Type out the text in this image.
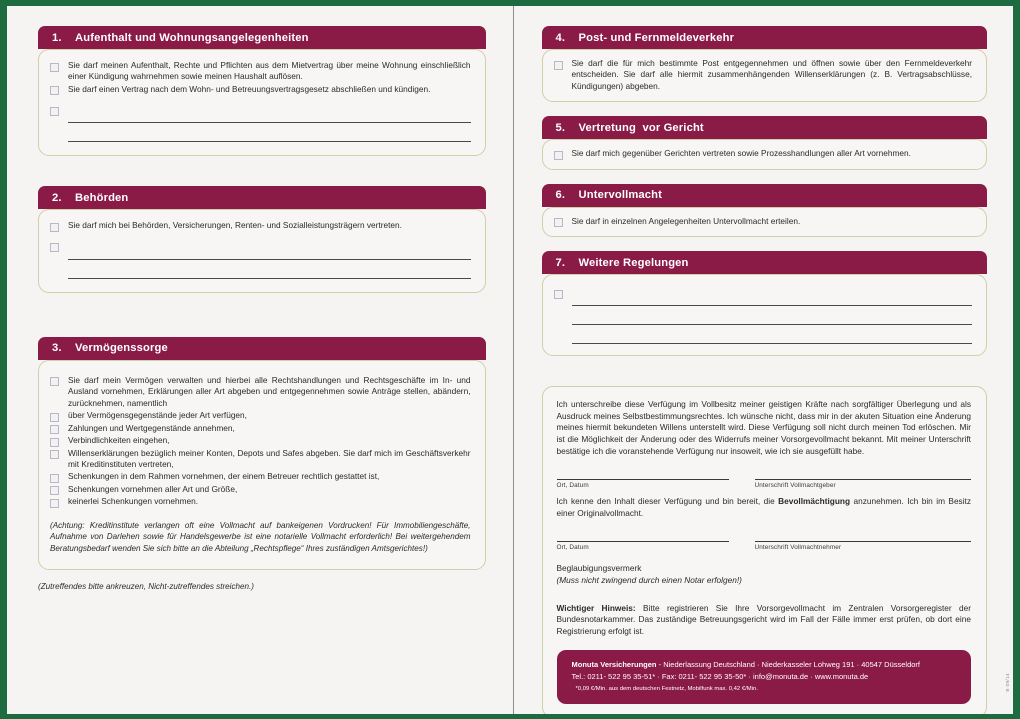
1.	Aufenthalt und Wohnungsangelegenheiten
Sie darf meinen Aufenthalt, Rechte und Pflichten aus dem Mietvertrag über meine Wohnung einschließlich einer Kündigung wahrnehmen sowie meinen Haushalt auflösen.
Sie darf einen Vertrag nach dem Wohn- und Betreuungsvertragsgesetz abschließen und kündigen.
2.	Behörden
Sie darf mich bei Behörden, Versicherungen, Renten- und Sozialleistungsträgern vertreten.
3.	Vermögenssorge
Sie darf mein Vermögen verwalten und hierbei alle Rechtshandlungen und Rechtsgeschäfte im In- und Ausland vornehmen, Erklärungen aller Art abgeben und entgegennehmen sowie Anträge stellen, abändern, zurücknehmen, namentlich
über Vermögensgegenstände jeder Art verfügen,
Zahlungen und Wertgegenstände annehmen,
Verbindlichkeiten eingehen,
Willenserklärungen bezüglich meiner Konten, Depots und Safes abgeben. Sie darf mich im Geschäftsverkehr mit Kreditinstituten vertreten,
Schenkungen in dem Rahmen vornehmen, der einem Betreuer rechtlich gestattet ist,
Schenkungen vornehmen aller Art und Größe,
keinerlei Schenkungen vornehmen.
(Achtung: Kreditinstitute verlangen oft eine Vollmacht auf bankeigenen Vordrucken! Für Immobiliengeschäfte, Aufnahme von Darlehen sowie für Handelsgewerbe ist eine notarielle Vollmacht erforderlich! Bei weitergehendem Beratungsbedarf wenden Sie sich bitte an die Abteilung „Rechtspflege“ Ihres zuständigen Amtsgerichtes!)
(Zutreffendes bitte ankreuzen, Nicht-zutreffendes streichen.)
4.	Post- und Fernmeldeverkehr
Sie darf die für mich bestimmte Post entgegennehmen und öffnen sowie über den Fernmeldeverkehr entscheiden. Sie darf alle hiermit zusammenhängenden Willenserklärungen (z. B. Vertragsabschlüsse, Kündigungen) abgeben.
5.	Vertretung  vor Gericht
Sie darf mich gegenüber Gerichten vertreten sowie Prozesshandlungen aller Art vornehmen.
6.	Untervollmacht
Sie darf in einzelnen Angelegenheiten Untervollmacht erteilen.
7.	Weitere Regelungen
Ich unterschreibe diese Verfügung im Vollbesitz meiner geistigen Kräfte nach sorgfältiger Überlegung und als Ausdruck meines Selbstbestimmungsrechtes. Ich wünsche nicht, dass mir in der akuten Situation eine Änderung meines hiermit bekundeten Willens unterstellt wird. Diese Verfügung soll nicht durch meinen Tod erlöschen. Mir ist die Möglichkeit der Änderung oder des Widerrufs meiner Vorsorgevollmacht bekannt. Mit meiner Unterschrift bestätige ich die voranstehende Verfügung nur insoweit, wie ich sie ausgefüllt habe.
Ort, Datum	Unterschrift Vollmachtgeber
Ich kenne den Inhalt dieser Verfügung und bin bereit, die Bevollmächtigung anzunehmen. Ich bin im Besitz einer Originalvollmacht.
Ort, Datum	Unterschrift Vollmachtnehmer
Beglaubigungsvermerk
(Muss nicht zwingend durch einen Notar erfolgen!)
Wichtiger Hinweis: Bitte registrieren Sie Ihre Vorsorgevollmacht im Zentralen Vorsorgeregister der Bundesnotarkammer. Das zuständige Betreuungsgericht wird im Fall der Fälle immer erst prüfen, ob dort eine Registrierung erfolgt ist.
Monuta Versicherungen - Niederlassung Deutschland · Niederkasseler Lohweg 191 · 40547 Düsseldorf
Tel.: 0211- 522 95 35-51* · Fax: 0211- 522 95 35-50* · info@monuta.de · www.monuta.de
*0,09 €/Min. aus dem deutschen Festnetz, Mobilfunk max. 0,42 €/Min.	B 09/14
